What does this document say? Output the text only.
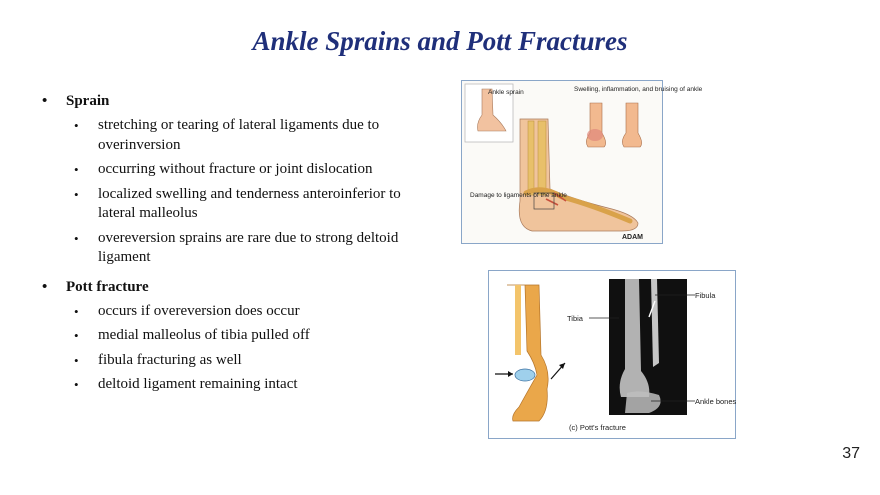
Ankle Sprains and Pott Fractures
• Sprain
• stretching or tearing of lateral ligaments due to overinversion
• occurring without fracture or joint dislocation
• localized swelling and tenderness anteroinferior to lateral malleolus
• overeversion sprains are rare due to strong deltoid ligament
• Pott fracture
• occurs if overeversion does occur
• medial malleolus of tibia pulled off
• fibula fracturing as well
• deltoid ligament remaining intact
Ankle sprain	Swelling, inflammation, and bruising of ankle
Damage to ligaments of the ankle
ADAM
Fibula
Tibia
Ankle bones
(c) Pott's fracture
37
